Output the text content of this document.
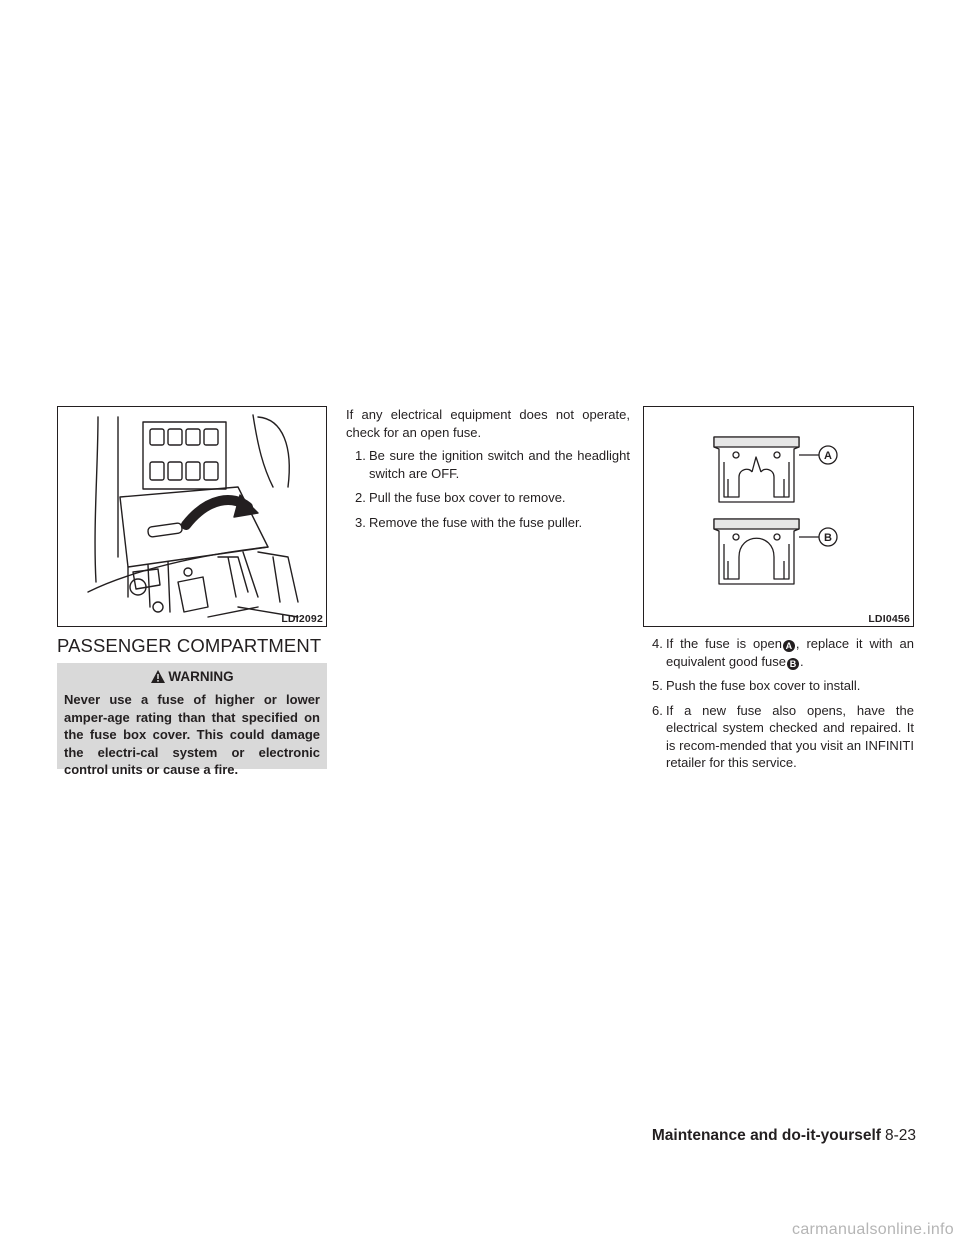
LDI2092

If any electrical equipment does not operate, check for an open fuse.

1. Be sure the ignition switch and the headlight switch are OFF.
2. Pull the fuse box cover to remove.
3. Remove the fuse with the fuse puller.
A
B
LDI0456
PASSENGER COMPARTMENT
WARNING

Never use a fuse of higher or lower amper-age rating than that specified on the fuse box cover. This could damage the electri-cal system or electronic control units or cause a fire.

4. If the fuse is open A , replace it with an equivalent good fuse B .
5. Push the fuse box cover to install.
6. If a new fuse also opens, have the electrical system checked and repaired. It is recom-mended that you visit an INFINITI retailer for this service.
Maintenance and do-it-yourself 8-23
carmanualsonline.info
